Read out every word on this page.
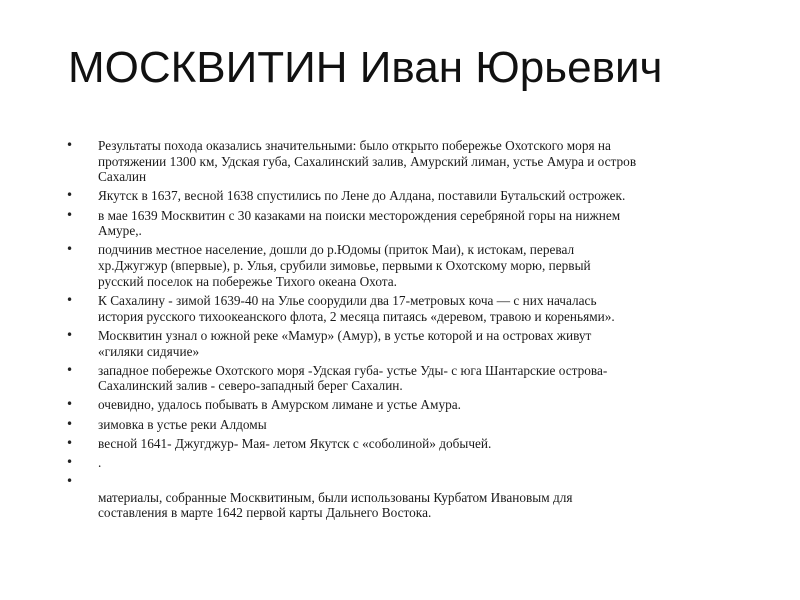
МОСКВИТИН Иван Юрьевич
• Результаты похода оказались значительными: было открыто побережье Охотского моря на
протяжении 1300 км, Удская губа, Сахалинский залив, Амурский лиман, устье Амура и остров
Сахалин
• Якутск в 1637, весной 1638 спустились по Лене до Алдана, поставили Бутальский острожек.
• в мае 1639 Москвитин с 30 казаками на поиски месторождения серебряной горы на нижнем
Амуре,.
• подчинив местное население, дошли до р.Юдомы (приток Маи), к истокам, перевал
хр.Джугжур (впервые), р. Улья, срубили зимовье, первыми к Охотскому морю, первый
русский поселок на побережье Тихого океана Охота.
• К Сахалину - зимой 1639-40 на Улье соорудили два 17-метровых коча — с них началась
история русского тихоокеанского флота, 2 месяца питаясь «деревом, травою и кореньями».
• Москвитин узнал о южной реке «Мамур» (Амур), в устье которой и на островах живут
«гиляки сидячие»
• западное побережье Охотского моря -Удская губа- устье Уды- с юга Шантарские острова-
Сахалинский залив - северо-западный берег Сахалин.
• очевидно, удалось побывать в Амурском лимане и устье Амура.
• зимовка в устье реки Алдомы
• весной 1641- Джугджур- Мая- летом Якутск с «соболиной» добычей.
• .
•

материалы, собранные Москвитиным, были использованы Курбатом Ивановым для
составления в марте 1642 первой карты Дальнего Востока.
